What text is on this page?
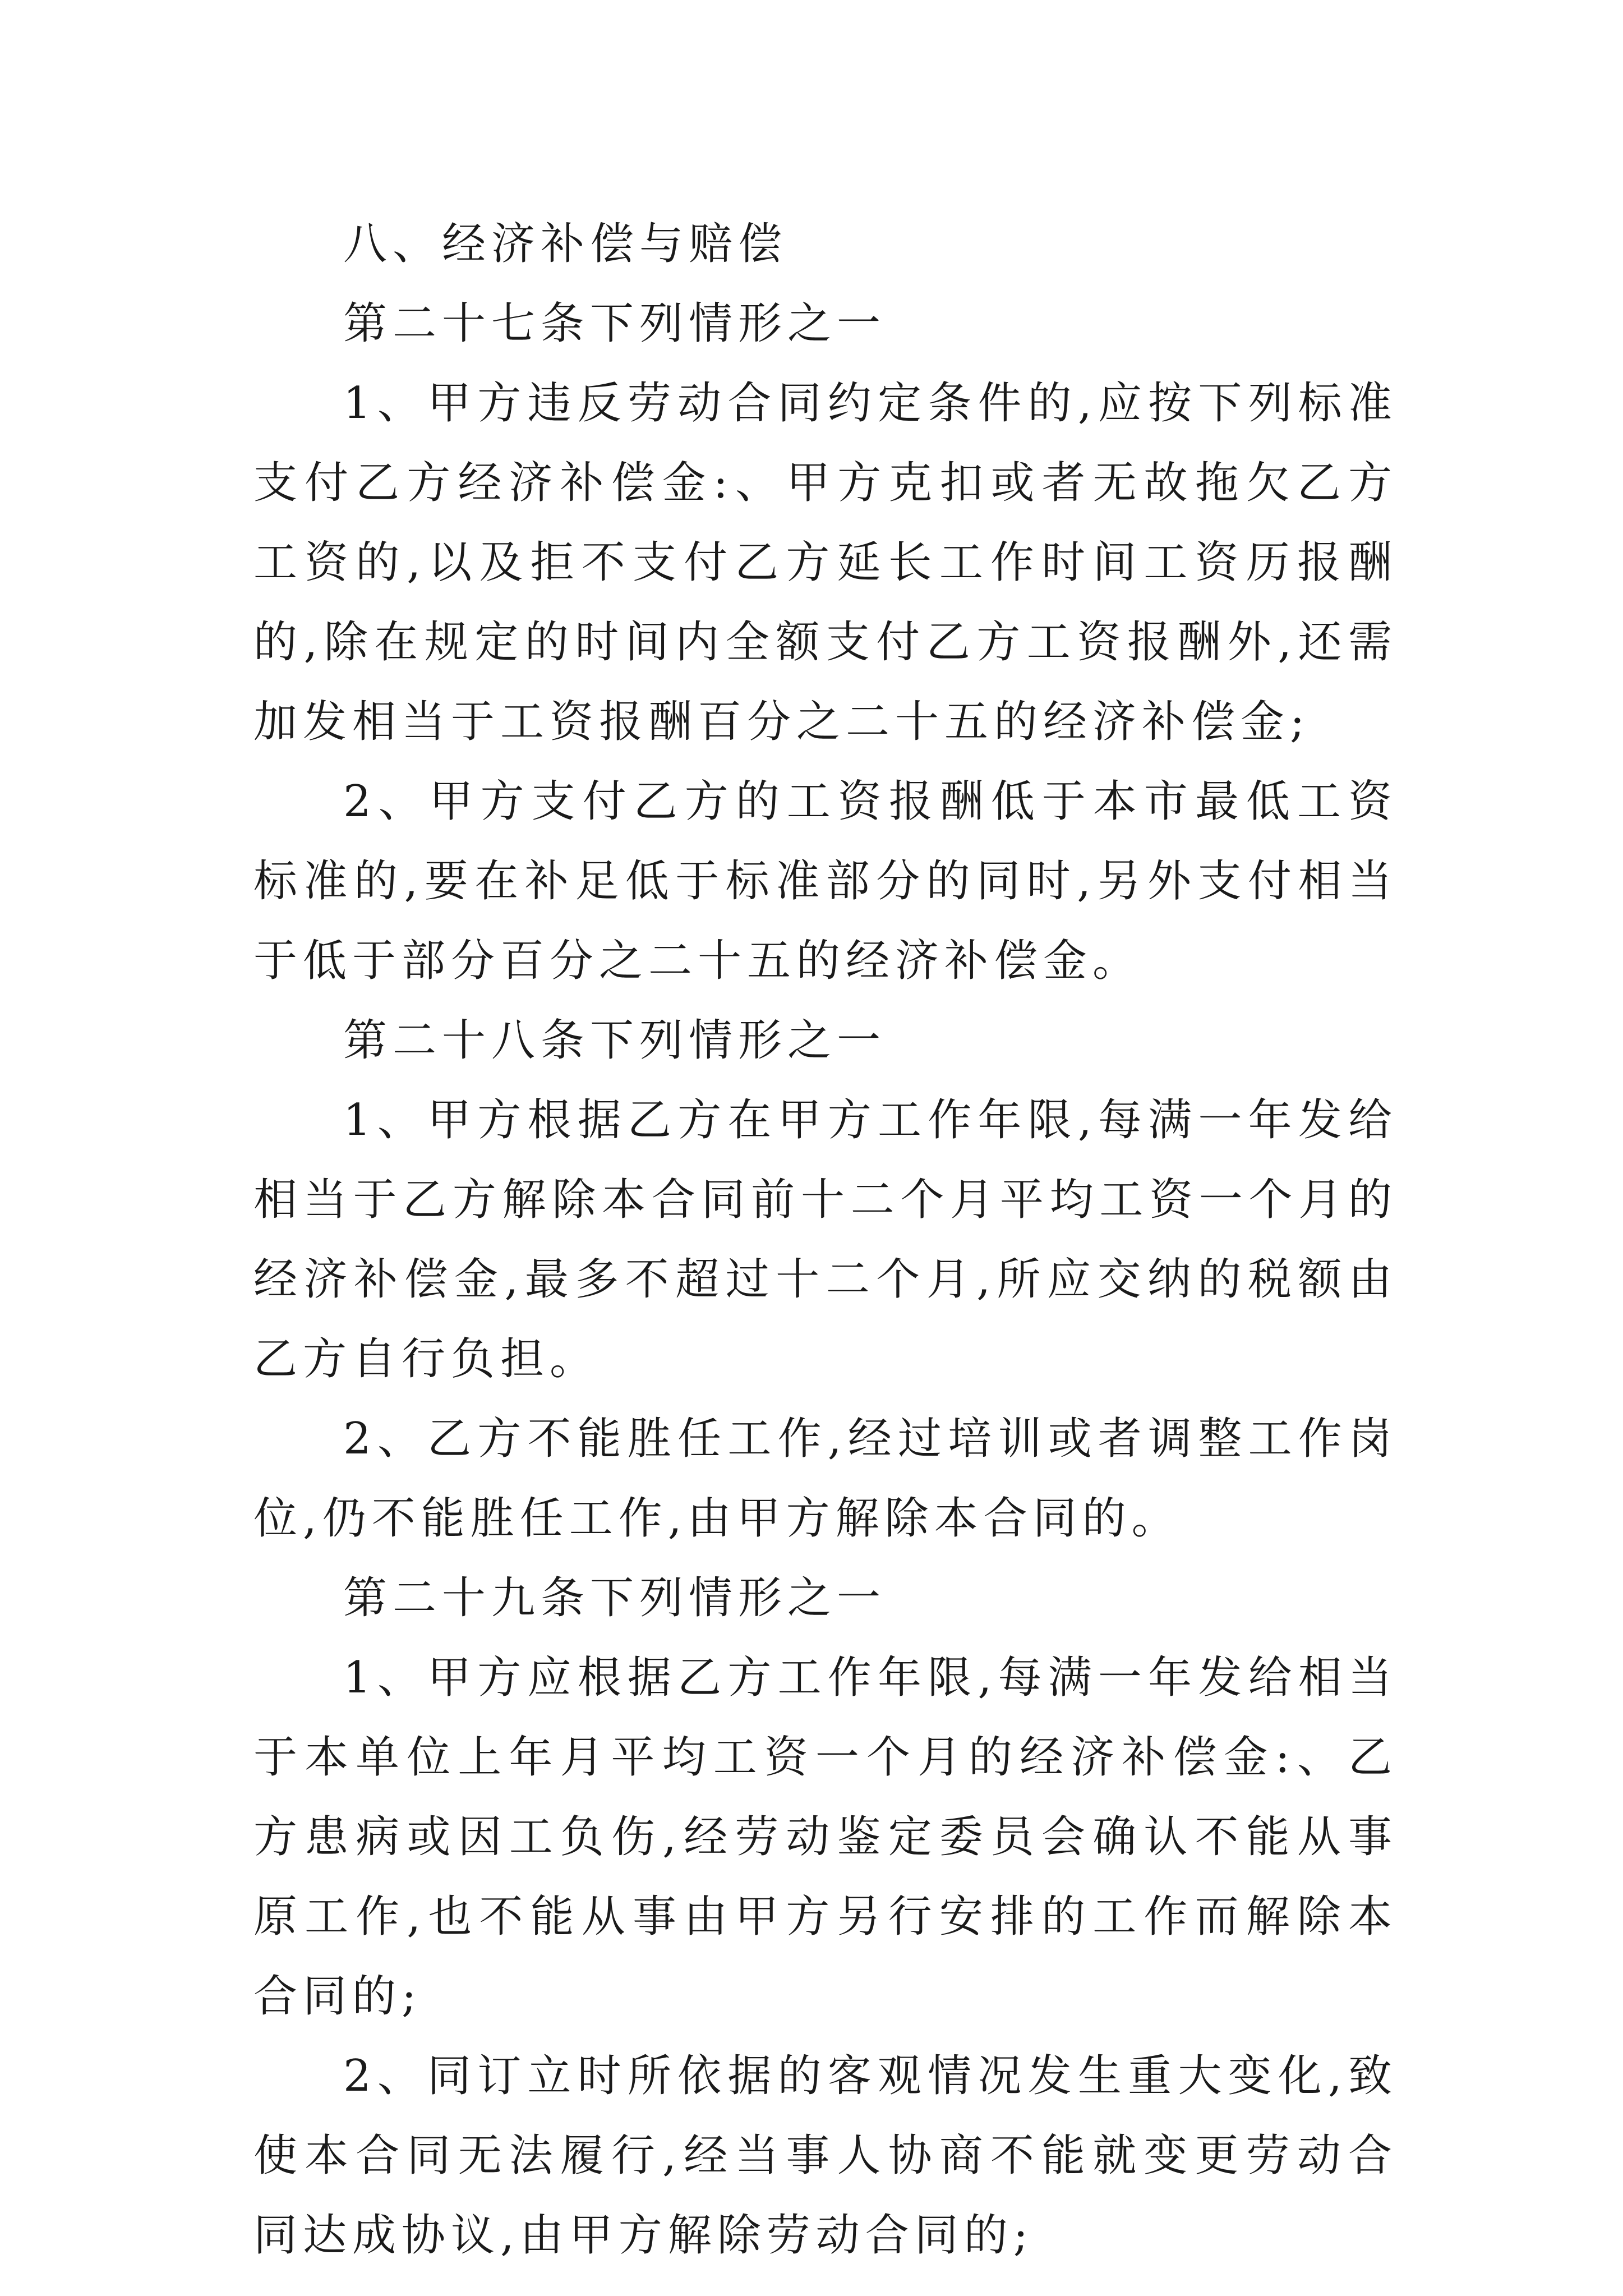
八、经济补偿与赔偿

第二十七条下列情形之一

1、甲方违反劳动合同约定条件的,应按下列标准支付乙方经济补偿金:、甲方克扣或者无故拖欠乙方工资的,以及拒不支付乙方延长工作时间工资历报酬的,除在规定的时间内全额支付乙方工资报酬外,还需加发相当于工资报酬百分之二十五的经济补偿金;

2、甲方支付乙方的工资报酬低于本市最低工资标准的,要在补足低于标准部分的同时,另外支付相当于低于部分百分之二十五的经济补偿金。

第二十八条下列情形之一

1、甲方根据乙方在甲方工作年限,每满一年发给相当于乙方解除本合同前十二个月平均工资一个月的经济补偿金,最多不超过十二个月,所应交纳的税额由乙方自行负担。

2、乙方不能胜任工作,经过培训或者调整工作岗位,仍不能胜任工作,由甲方解除本合同的。

第二十九条下列情形之一

1、甲方应根据乙方工作年限,每满一年发给相当于本单位上年月平均工资一个月的经济补偿金:、乙方患病或因工负伤,经劳动鉴定委员会确认不能从事原工作,也不能从事由甲方另行安排的工作而解除本合同的;

2、同订立时所依据的客观情况发生重大变化,致使本合同无法履行,经当事人协商不能就变更劳动合同达成协议,由甲方解除劳动合同的;
